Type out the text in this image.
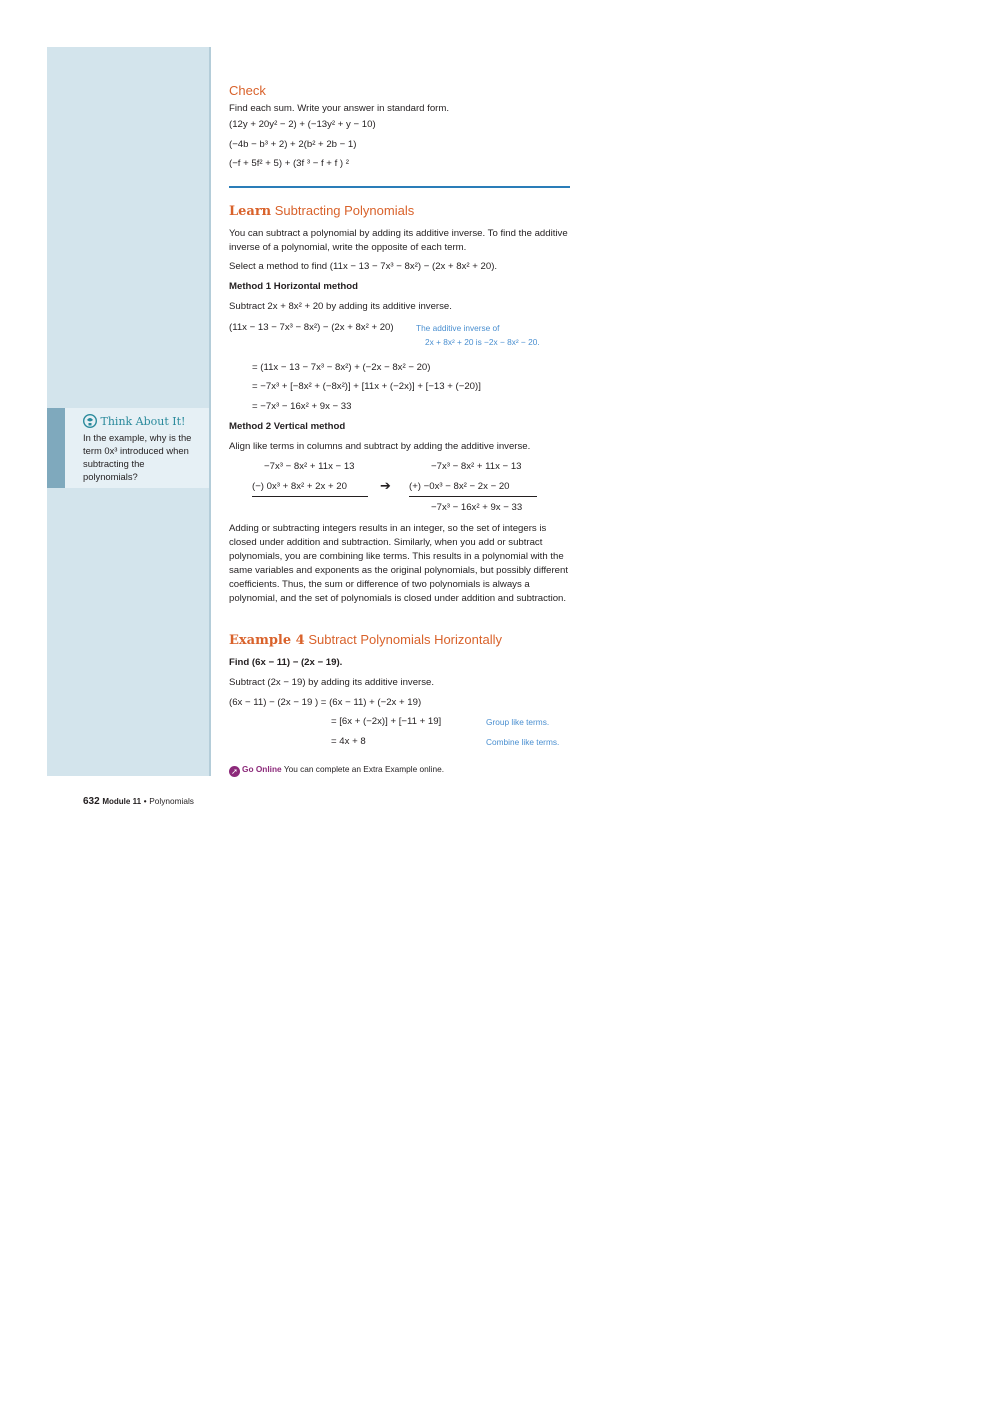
Think About It!
In the example, why is the term 0x³ introduced when subtracting the polynomials?
Check
Find each sum. Write your answer in standard form.
(12y + 20y² − 2) + (−13y² + y − 10)
(−4b − b³ + 2) + 2(b² + 2b − 1)
(−f + 5f² + 5) + (3f ³ − f + f ) ²
Learn Subtracting Polynomials
You can subtract a polynomial by adding its additive inverse. To find the additive inverse of a polynomial, write the opposite of each term.
Select a method to find (11x − 13 − 7x³ − 8x²) − (2x + 8x² + 20).
Method 1 Horizontal method
Subtract 2x + 8x² + 20 by adding its additive inverse.
(11x − 13 − 7x³ − 8x²) − (2x + 8x² + 20)	The additive inverse of
2x + 8x² + 20 is −2x − 8x² − 20.
= (11x − 13 − 7x³ − 8x²) + (−2x − 8x² − 20)
= −7x³ + [−8x² + (−8x²)] + [11x + (−2x)] + [−13 + (−20)]
= −7x³ − 16x² + 9x − 33
Method 2 Vertical method
Align like terms in columns and subtract by adding the additive inverse.
−7x³ − 8x² + 11x − 13
(−) 0x³ + 8x² + 2x + 20	➔
−7x³ − 8x² + 11x − 13
(+) −0x³ − 8x² − 2x − 20
−7x³ − 16x² + 9x − 33
Adding or subtracting integers results in an integer, so the set of integers is closed under addition and subtraction. Similarly, when you add or subtract polynomials, you are combining like terms. This results in a polynomial with the same variables and exponents as the original polynomials, but possibly different coefficients. Thus, the sum or difference of two polynomials is always a polynomial, and the set of polynomials is closed under addition and subtraction.
Example 4 Subtract Polynomials Horizontally
Find (6x − 11) − (2x − 19).
Subtract (2x − 19) by adding its additive inverse.
(6x − 11) − (2x − 19 ) = (6x − 11) + (−2x + 19)
= [6x + (−2x)] + [−11 + 19]	Group like terms.
= 4x + 8	Combine like terms.
➚ Go Online You can complete an Extra Example online.
632 Module 11 • Polynomials
